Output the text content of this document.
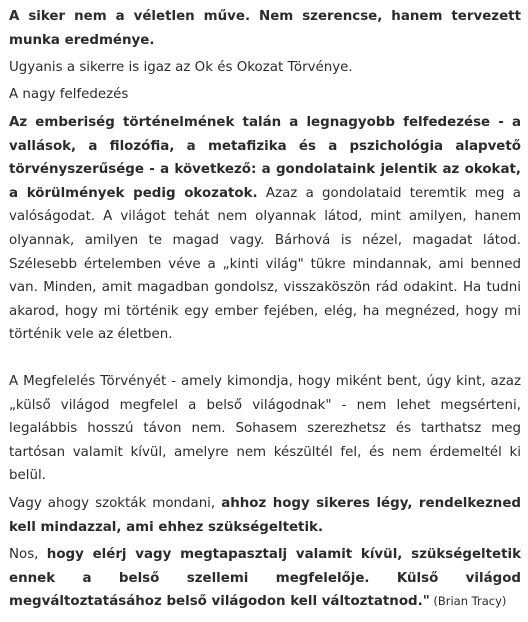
A siker nem a véletlen műve. Nem szerencse, hanem tervezett munka eredménye.

Ugyanis a sikerre is igaz az Ok és Okozat Törvénye.

A nagy felfedezés

Az emberiség történelmének talán a legnagyobb felfedezése - a vallások, a filozófia, a metafizika és a pszichológia alapvető törvényszerűsége - a következő: a gondolataink jelentik az okokat, a körülmények pedig okozatok. Azaz a gondolataid teremtik meg a valóságodat. A világot tehát nem olyannak látod, mint amilyen, hanem olyannak, amilyen te magad vagy. Bárhová is nézel, magadat látod. Szélesebb értelemben véve a „kinti világ" tükre mindannak, ami benned van. Minden, amit magadban gondolsz, visszaköszön rád odakint. Ha tudni akarod, hogy mi történik egy ember fejében, elég, ha megnézed, hogy mi történik vele az életben.

A Megfelelés Törvényét - amely kimondja, hogy miként bent, úgy kint, azaz „külső világod megfelel a belső világodnak" - nem lehet megsérteni, legalábbis hosszú távon nem. Sohasem szerezhetsz és tarthatsz meg tartósan valamit kívül, amelyre nem készültél fel, és nem érdemeltél ki belül.

Vagy ahogy szokták mondani, ahhoz hogy sikeres légy, rendelkezned kell mindazzal, ami ehhez szükségeltetik.

Nos, hogy elérj vagy megtapasztalj valamit kívül, szükségeltetik ennek a belső szellemi megfelelője. Külső világod megváltoztatásához belső világodon kell változtatnod." (Brian Tracy)
